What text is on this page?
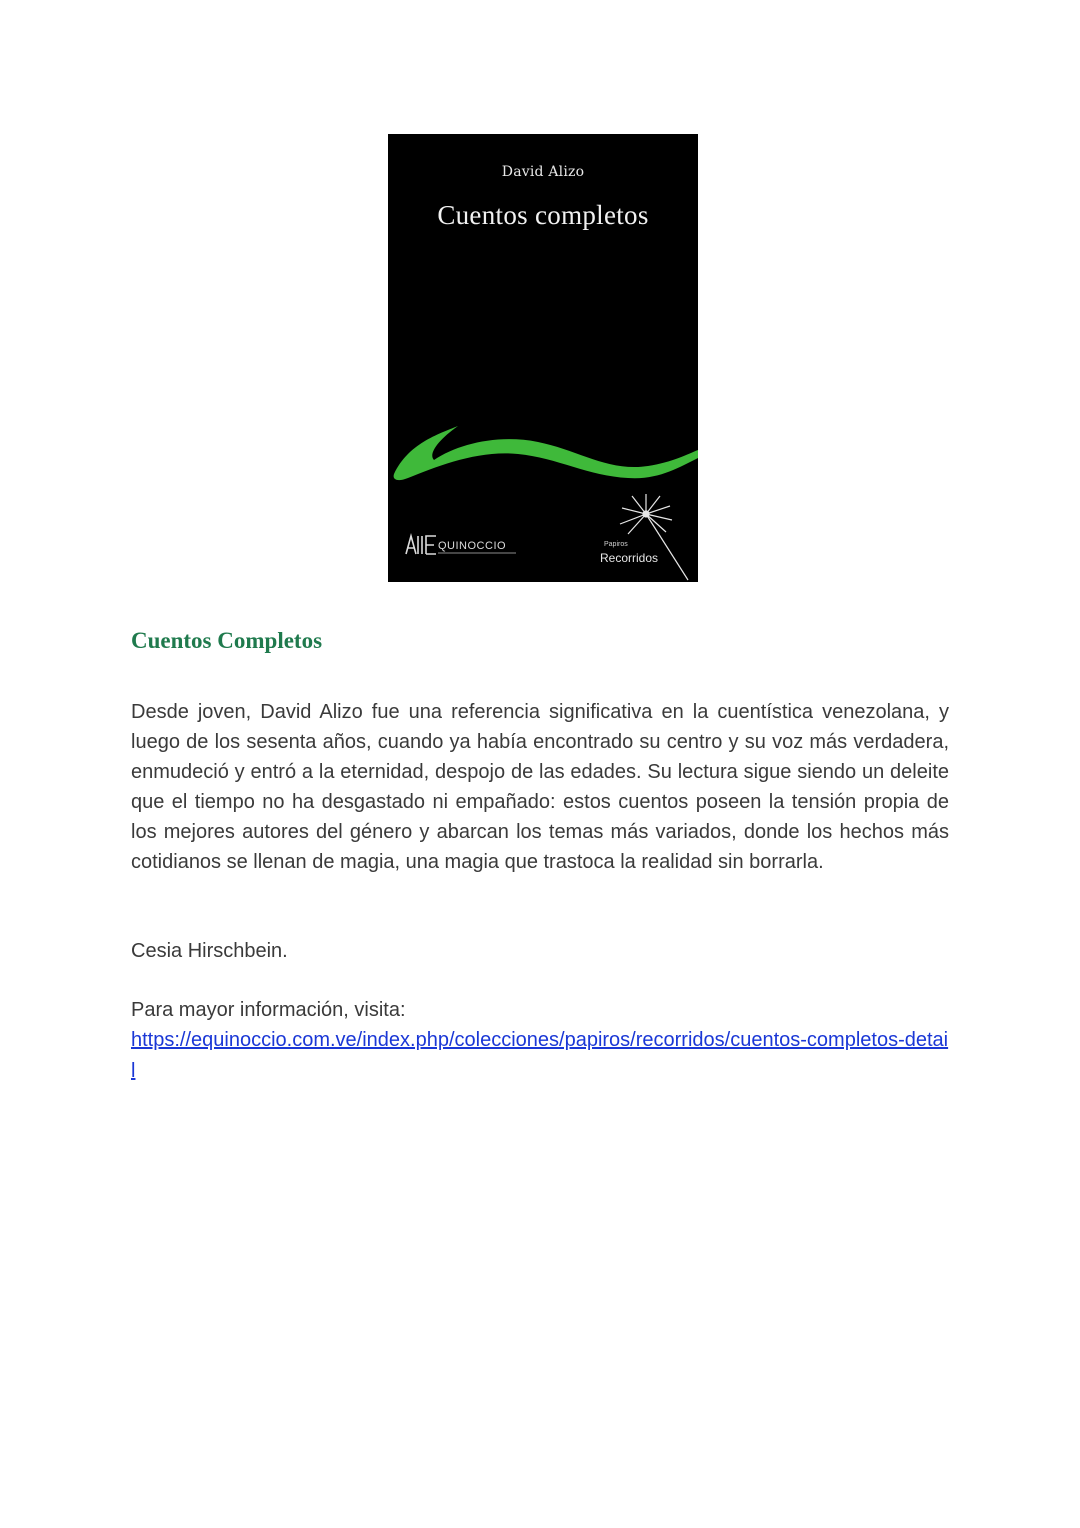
David Alizo
Cuentos completos
QUINOCCIO	Papiros
Recorridos
Cuentos Completos

Desde joven, David Alizo fue una referencia significativa en la cuentística venezolana, y luego de los sesenta años, cuando ya había encontrado su centro y su voz más verdadera, enmudeció y entró a la eternidad, despojo de las edades. Su lectura sigue siendo un deleite que el tiempo no ha desgastado ni empañado: estos cuentos poseen la tensión propia de los mejores autores del género y abarcan los temas más variados, donde los hechos más cotidianos se llenan de magia, una magia que trastoca la realidad sin borrarla.

Cesia Hirschbein.

Para mayor información, visita:
https://equinoccio.com.ve/index.php/colecciones/papiros/recorridos/cuentos-completos-detail
